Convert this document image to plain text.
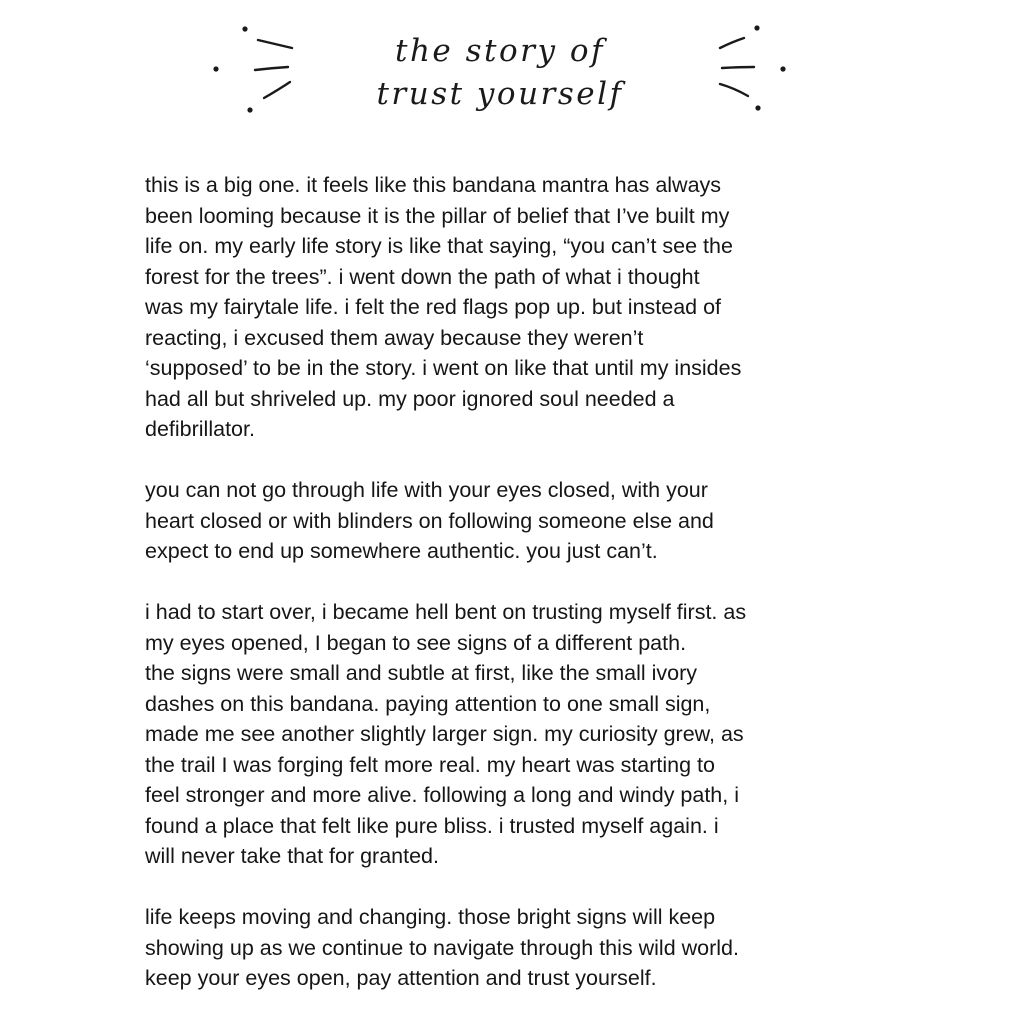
the story of
trust yourself
this is a big one. it feels like this bandana mantra has always
been looming because it is the pillar of belief that I’ve built my
life on. my early life story is like that saying, “you can’t see the
forest for the trees”. i went down the path of what i thought
was my fairytale life. i felt the red flags pop up. but instead of
reacting, i excused them away because they weren’t
‘supposed’ to be in the story. i went on like that until my insides
had all but shriveled up. my poor ignored soul needed a
defibrillator.
you can not go through life with your eyes closed, with your
heart closed or with blinders on following someone else and
expect to end up somewhere authentic. you just can’t.
i had to start over, i became hell bent on trusting myself first. as
my eyes opened, I began to see signs of a different path.
the signs were small and subtle at first, like the small ivory
dashes on this bandana. paying attention to one small sign,
made me see another slightly larger sign. my curiosity grew, as
the trail I was forging felt more real. my heart was starting to
feel stronger and more alive. following a long and windy path, i
found a place that felt like pure bliss. i trusted myself again. i
will never take that for granted.
life keeps moving and changing. those bright signs will keep
showing up as we continue to navigate through this wild world.
keep your eyes open, pay attention and trust yourself.
